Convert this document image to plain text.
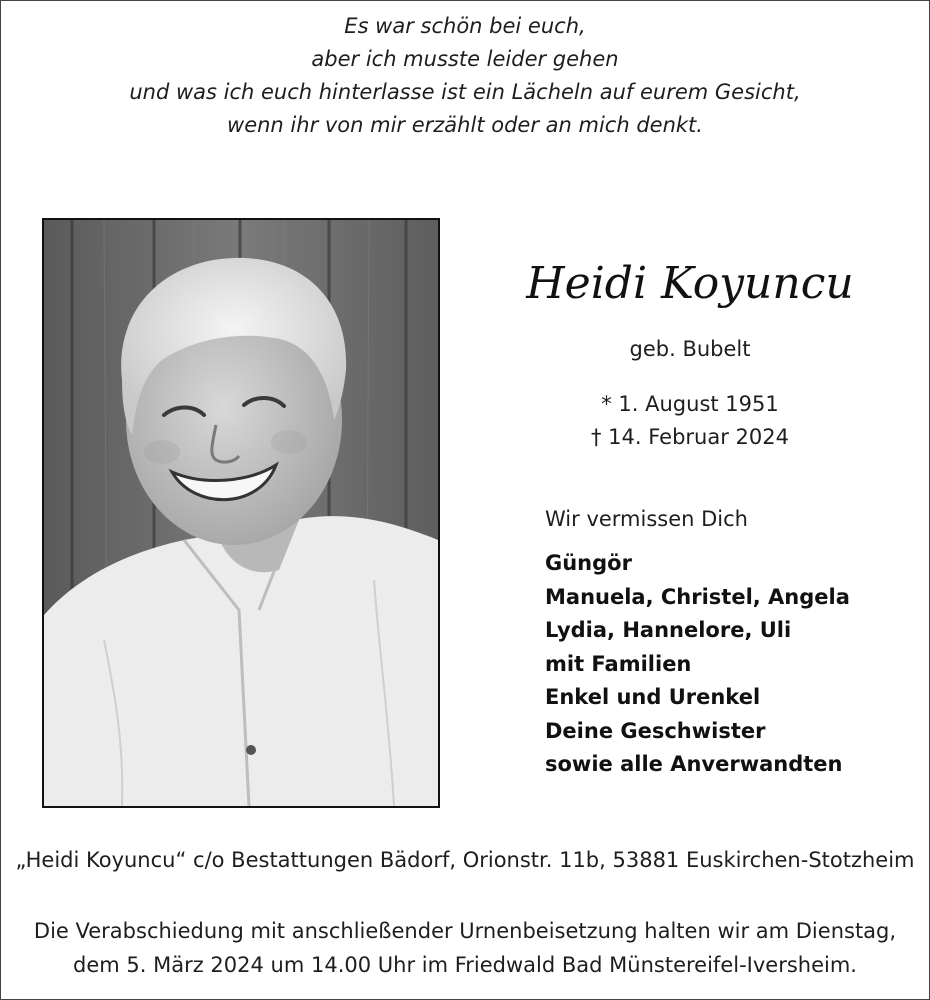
Es war schön bei euch,
aber ich musste leider gehen
und was ich euch hinterlasse ist ein Lächeln auf eurem Gesicht,
wenn ihr von mir erzählt oder an mich denkt.
Heidi Koyuncu
geb. Bubelt
* 1. August 1951
† 14. Februar 2024
Wir vermissen Dich
Güngör
Manuela, Christel, Angela
Lydia, Hannelore, Uli
mit Familien
Enkel und Urenkel
Deine Geschwister
sowie alle Anverwandten
„Heidi Koyuncu“ c/o Bestattungen Bädorf, Orionstr. 11b, 53881 Euskirchen-Stotzheim
Die Verabschiedung mit anschließender Urnenbeisetzung halten wir am Dienstag,
dem 5. März 2024 um 14.00 Uhr im Friedwald Bad Münstereifel-Iversheim.
